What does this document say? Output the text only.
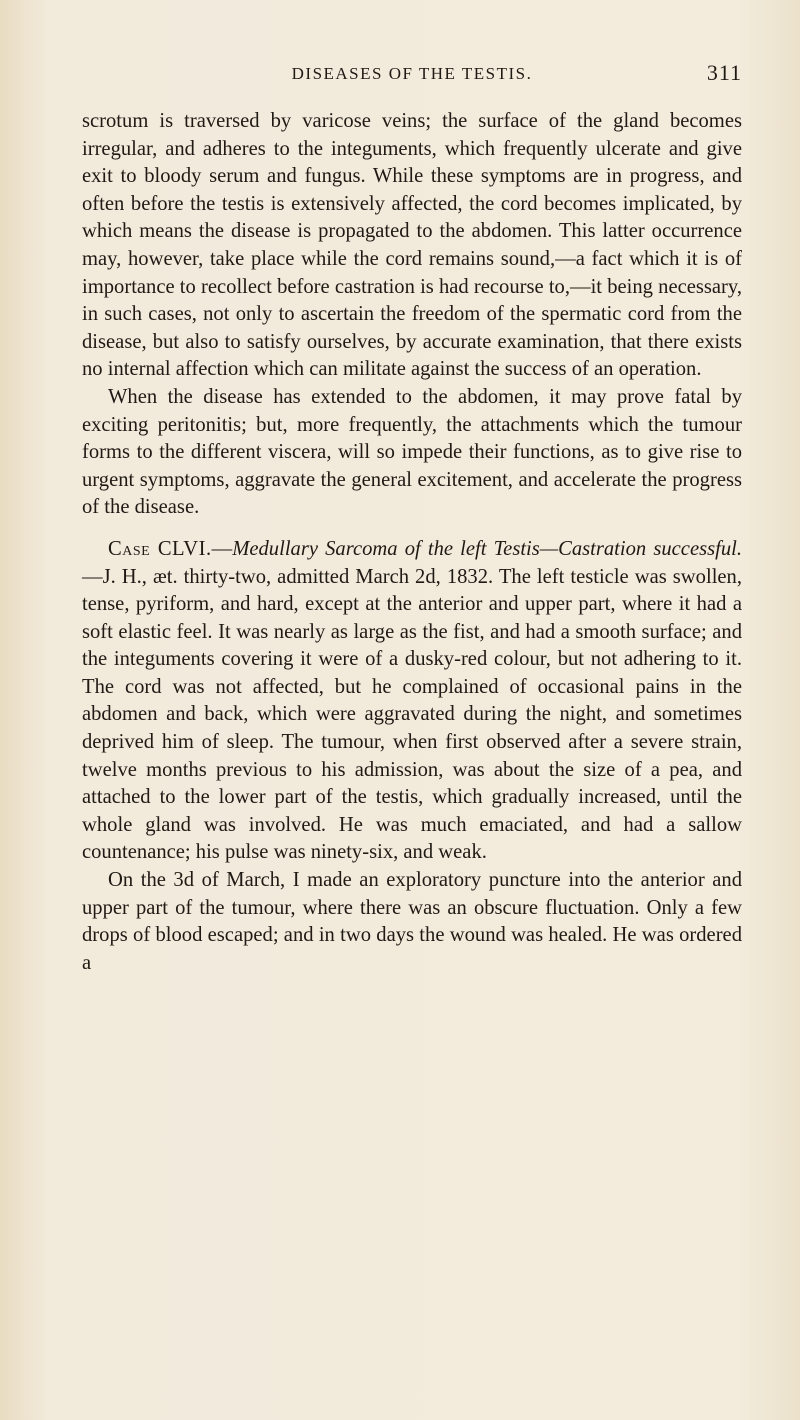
DISEASES OF THE TESTIS.	311

scrotum is traversed by varicose veins; the surface of the gland becomes irregular, and adheres to the integuments, which frequently ulcerate and give exit to bloody serum and fungus. While these symptoms are in progress, and often before the testis is extensively affected, the cord becomes implicated, by which means the disease is propagated to the abdomen. This latter occurrence may, however, take place while the cord remains sound,—a fact which it is of importance to recollect before castration is had recourse to,—it being necessary, in such cases, not only to ascertain the freedom of the spermatic cord from the disease, but also to satisfy ourselves, by accurate examination, that there exists no internal affection which can militate against the success of an operation.

When the disease has extended to the abdomen, it may prove fatal by exciting peritonitis; but, more frequently, the attachments which the tumour forms to the different viscera, will so impede their functions, as to give rise to urgent symptoms, aggravate the general excitement, and accelerate the progress of the disease.

Case CLVI.—Medullary Sarcoma of the left Testis—Castration successful.—J. H., æt. thirty-two, admitted March 2d, 1832. The left testicle was swollen, tense, pyriform, and hard, except at the anterior and upper part, where it had a soft elastic feel. It was nearly as large as the fist, and had a smooth surface; and the integuments covering it were of a dusky-red colour, but not adhering to it. The cord was not affected, but he complained of occasional pains in the abdomen and back, which were aggravated during the night, and sometimes deprived him of sleep. The tumour, when first observed after a severe strain, twelve months previous to his admission, was about the size of a pea, and attached to the lower part of the testis, which gradually increased, until the whole gland was involved. He was much emaciated, and had a sallow countenance; his pulse was ninety-six, and weak.

On the 3d of March, I made an exploratory puncture into the anterior and upper part of the tumour, where there was an obscure fluctuation. Only a few drops of blood escaped; and in two days the wound was healed. He was ordered a
